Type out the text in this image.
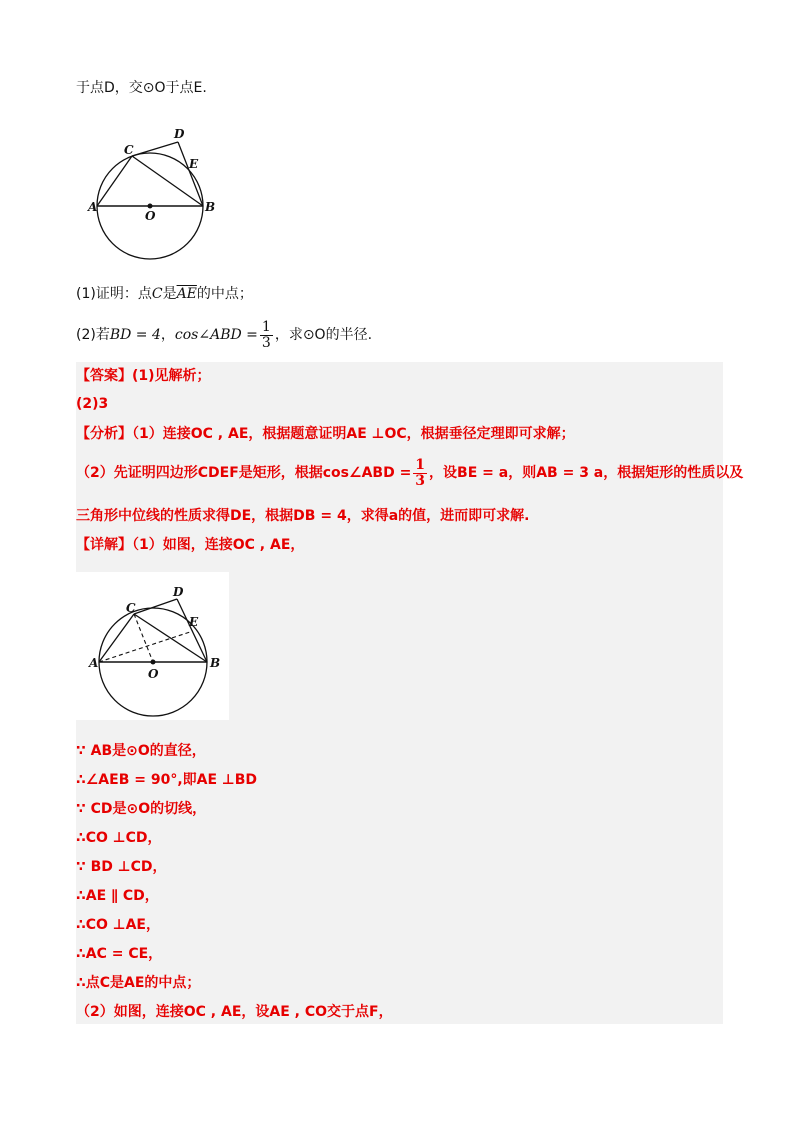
于点D，交⊙O于点E.
A	B
C
D
E
O
(1)证明：点C是$\overline{AE}$的中点；
(2)若BD = 4，cos∠ABD = $\frac{1}{3}$ ，求⊙O的半径.
【答案】(1)见解析；
(2)3
【分析】（1）连接OC , AE，根据题意证明AE ⊥OC，根据垂径定理即可求解；
（2）先证明四边形CDEF是矩形，根据cos∠ABD = $\frac{1}{3}$ ，设BE = a，则AB = 3 a，根据矩形的性质以及
三角形中位线的性质求得DE，根据DB = 4，求得a的值，进而即可求解.
【详解】（1）如图，连接OC , AE，
A	B
C
D
E
O
∵ AB是⊙O的直径，
∴∠AEB = 90°,即AE ⊥BD
∵ CD是⊙O的切线，
∴CO ⊥CD，
∵ BD ⊥CD，
∴AE ∥ CD，
∴CO ⊥AE，
∴AC = CE，
∴点C是AE的中点；
（2）如图，连接OC , AE，设AE , CO交于点F，
